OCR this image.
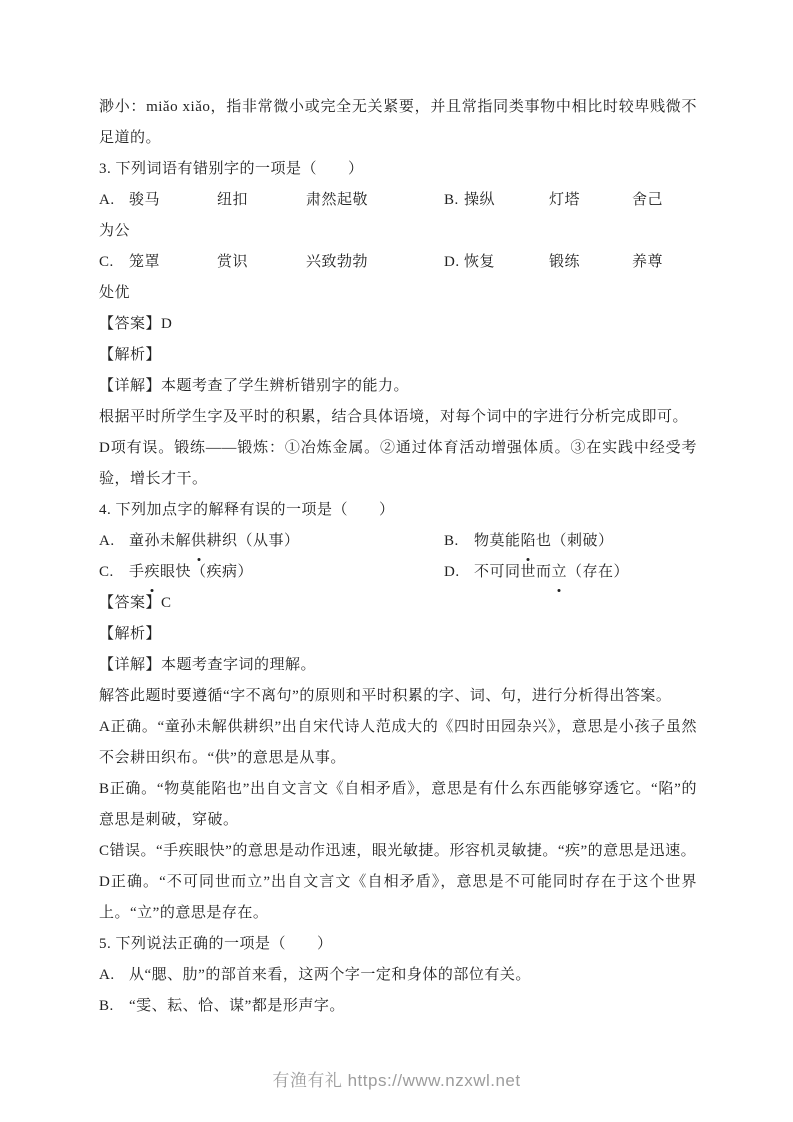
渺小：miǎo xiǎo，指非常微小或完全无关紧要，并且常指同类事物中相比时较卑贱微不足道的。

3. 下列词语有错别字的一项是（　　）

A. 骏马	纽扣	肃然起敬	B. 操纵	灯塔	舍己

为公

C. 笼罩	赏识	兴致勃勃	D. 恢复	锻练	养尊

处优

【答案】D

【解析】

【详解】本题考查了学生辨析错别字的能力。

根据平时所学生字及平时的积累，结合具体语境，对每个词中的字进行分析完成即可。

D项有误。锻练——锻炼：①冶炼金属。②通过体育活动增强体质。③在实践中经受考验，增长才干。

4. 下列加点字的解释有误的一项是（　　）

A. 童孙未解供耕织（从事）	B. 物莫能陷也（刺破）
C. 手疾眼快（疾病）	D. 不可同世而立（存在）

【答案】C

【解析】

【详解】本题考查字词的理解。

解答此题时要遵循“字不离句”的原则和平时积累的字、词、句，进行分析得出答案。

A正确。“童孙未解供耕织”出自宋代诗人范成大的《四时田园杂兴》，意思是小孩子虽然不会耕田织布。“供”的意思是从事。

B正确。“物莫能陷也”出自文言文《自相矛盾》，意思是有什么东西能够穿透它。“陷”的意思是刺破，穿破。

C错误。“手疾眼快”的意思是动作迅速，眼光敏捷。形容机灵敏捷。“疾”的意思是迅速。

D正确。“不可同世而立”出自文言文《自相矛盾》，意思是不可能同时存在于这个世界上。“立”的意思是存在。

5. 下列说法正确的一项是（　　）

A. 从“腮、肋”的部首来看，这两个字一定和身体的部位有关。
B. “雯、耘、恰、谋”都是形声字。
有渔有礼 https://www.nzxwl.net
